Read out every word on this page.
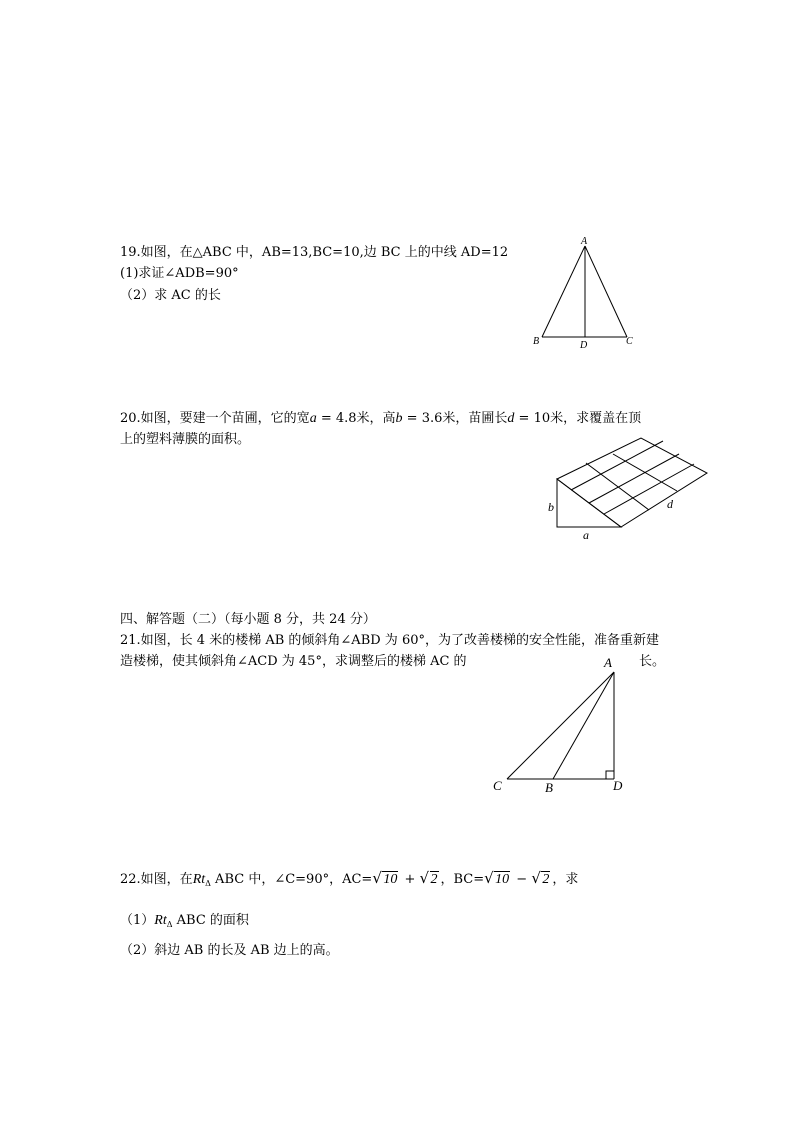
19.如图，在△ABC 中，AB=13,BC=10,边 BC 上的中线 AD=12
(1)求证∠ADB=90°
（2）求 AC 的长
A
B	D	C
20.如图，要建一个苗圃，它的宽a = 4.8米，高b = 3.6米，苗圃长d = 10米，求覆盖在顶
上的塑料薄膜的面积。
b
a
d
四、解答题（二）（每小题 8 分，共 24 分）
21.如图，长 4 米的楼梯 AB 的倾斜角∠ABD 为 60°，为了改善楼梯的安全性能，准备重新建
造楼梯，使其倾斜角∠ACD 为 45°，求调整后的楼梯 AC 的	长。
A
C	B	D
22.如图，在$Rt_\Delta$ ABC 中，∠C=90°，AC= √ 10 + √ 2 ，BC= √ 10 − √ 2 ，求
$(1)Rt_\Delta$ ABC 的面积
（2）斜边 AB 的长及 AB 边上的高。
